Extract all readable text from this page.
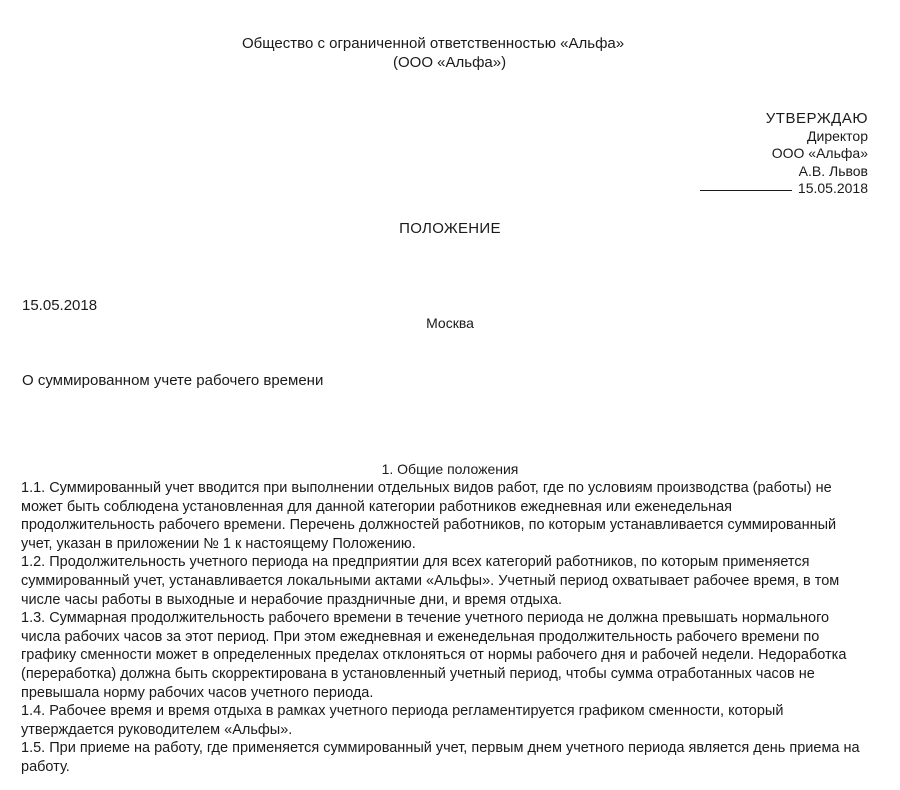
Общество с ограниченной ответственностью «Альфа»
(ООО «Альфа»)
УТВЕРЖДАЮ
Директор
ООО «Альфа»
А.В. Львов
15.05.2018
ПОЛОЖЕНИЕ
15.05.2018
Москва
О суммированном учете рабочего времени
1. Общие положения

1.1. Суммированный учет вводится при выполнении отдельных видов работ, где по условиям производства (работы) не может быть соблюдена установленная для данной категории работников ежедневная или еженедельная продолжительность рабочего времени. Перечень должностей работников, по которым устанавливается суммированный учет, указан в приложении № 1 к настоящему Положению.

1.2. Продолжительность учетного периода на предприятии для всех категорий работников, по которым применяется суммированный учет, устанавливается локальными актами «Альфы». Учетный период охватывает рабочее время, в том числе часы работы в выходные и нерабочие праздничные дни, и время отдыха.

1.3. Суммарная продолжительность рабочего времени в течение учетного периода не должна превышать нормального числа рабочих часов за этот период. При этом ежедневная и еженедельная продолжительность рабочего времени по графику сменности может в определенных пределах отклоняться от нормы рабочего дня и рабочей недели. Недоработка (переработка) должна быть скорректирована в установленный учетный период, чтобы сумма отработанных часов не превышала норму рабочих часов учетного периода.

1.4. Рабочее время и время отдыха в рамках учетного периода регламентируется графиком сменности, который утверждается руководителем «Альфы».

1.5. При приеме на работу, где применяется суммированный учет, первым днем учетного периода является день приема на работу.
